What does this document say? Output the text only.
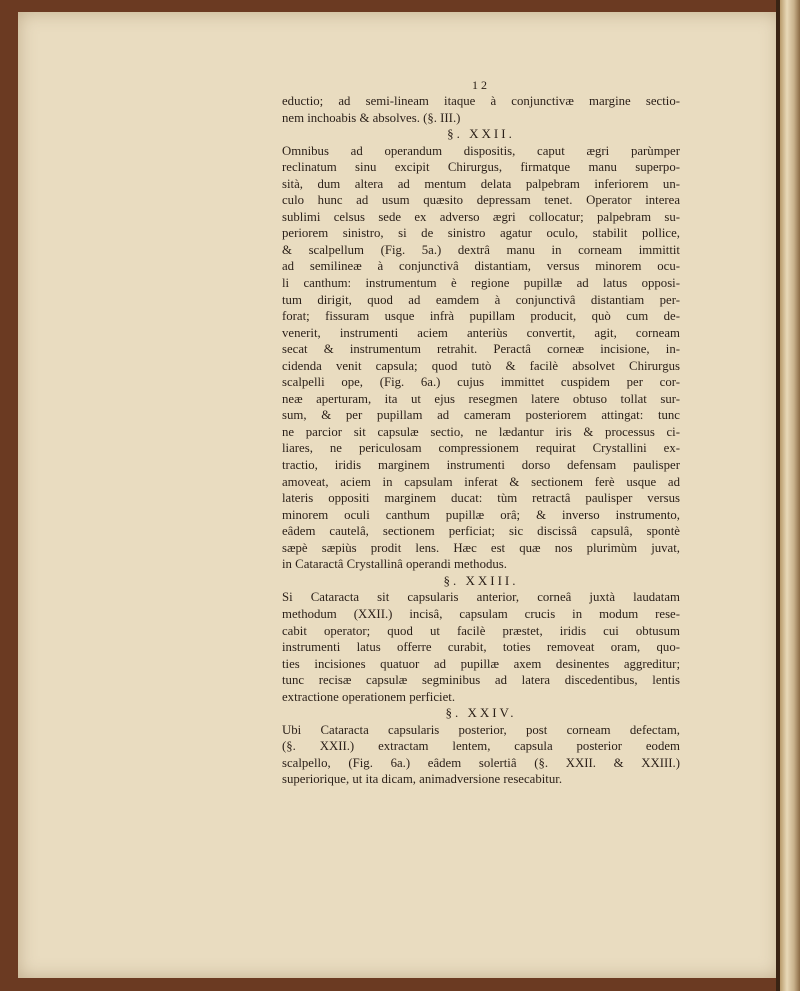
12
eductio; ad semi-lineam itaque à conjunctivæ margine sectio-
nem inchoabis & absolves. (§. III.)
§. XXII.
Omnibus ad operandum dispositis, caput ægri parùmper
reclinatum sinu excipit Chirurgus, firmatque manu superpo-
sità, dum altera ad mentum delata palpebram inferiorem un-
culo hunc ad usum quæsito depressam tenet. Operator interea
sublimi celsus sede ex adverso ægri collocatur; palpebram su-
periorem sinistro, si de sinistro agatur oculo, stabilit pollice,
& scalpellum (Fig. 5a.) dextrâ manu in corneam immittit
ad semilineæ à conjunctivâ distantiam, versus minorem ocu-
li canthum: instrumentum è regione pupillæ ad latus opposi-
tum dirigit, quod ad eamdem à conjunctivâ distantiam per-
forat; fissuram usque infrà pupillam producit, quò cum de-
venerit, instrumenti aciem anteriùs convertit, agit, corneam
secat & instrumentum retrahit. Peractâ corneæ incisione, in-
cidenda venit capsula; quod tutò & facilè absolvet Chirurgus
scalpelli ope, (Fig. 6a.) cujus immittet cuspidem per cor-
neæ aperturam, ita ut ejus resegmen latere obtuso tollat sur-
sum, & per pupillam ad cameram posteriorem attingat: tunc
ne parcior sit capsulæ sectio, ne lædantur iris & processus ci-
liares, ne periculosam compressionem requirat Crystallini ex-
tractio, iridis marginem instrumenti dorso defensam paulisper
amoveat, aciem in capsulam inferat & sectionem ferè usque ad
lateris oppositi marginem ducat: tùm retractâ paulisper versus
minorem oculi canthum pupillæ orâ; & inverso instrumento,
eâdem cautelâ, sectionem perficiat; sic discissâ capsulâ, spontè
sæpè sæpiùs prodit lens. Hæc est quæ nos plurimùm juvat,
in Cataractâ Crystallinâ operandi methodus.
§. XXIII.
Si Cataracta sit capsularis anterior, corneâ juxtà laudatam
methodum (XXII.) incisâ, capsulam crucis in modum rese-
cabit operator; quod ut facilè præstet, iridis cui obtusum
instrumenti latus offerre curabit, toties removeat oram, quo-
ties incisiones quatuor ad pupillæ axem desinentes aggreditur;
tunc recisæ capsulæ segminibus ad latera discedentibus, lentis
extractione operationem perficiet.
§. XXIV.
Ubi Cataracta capsularis posterior, post corneam defectam,
(§. XXII.) extractam lentem, capsula posterior eodem
scalpello, (Fig. 6a.) eâdem solertiâ (§. XXII. & XXIII.)
superiorique, ut ita dicam, animadversione resecabitur.
